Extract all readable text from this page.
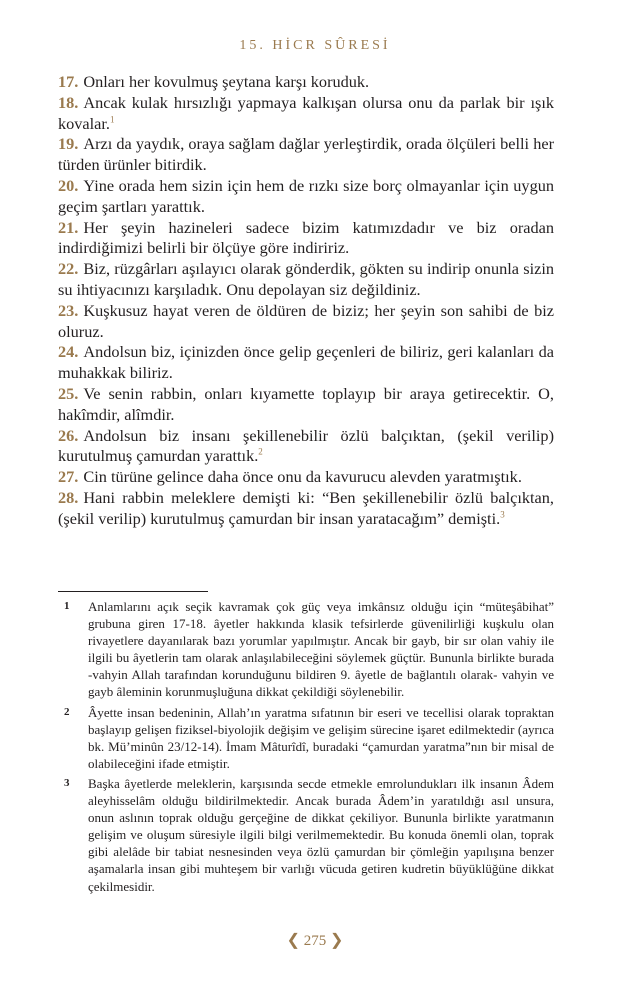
15. HİCR SÛRESİ
17. Onları her kovulmuş şeytana karşı koruduk.
18. Ancak kulak hırsızlığı yapmaya kalkışan olursa onu da parlak bir ışık kovalar.$^1$
19. Arzı da yaydık, oraya sağlam dağlar yerleştirdik, orada ölçüleri belli her türden ürünler bitirdik.
20. Yine orada hem sizin için hem de rızkı size borç olmayanlar için uygun geçim şartları yarattık.
21. Her şeyin hazineleri sadece bizim katımızdadır ve biz oradan indirdiğimizi belirli bir ölçüye göre indiririz.
22. Biz, rüzgârları aşılayıcı olarak gönderdik, gökten su indirip onunla sizin su ihtiyacınızı karşıladık. Onu depolayan siz değildiniz.
23. Kuşkusuz hayat veren de öldüren de biziz; her şeyin son sahibi de biz oluruz.
24. Andolsun biz, içinizden önce gelip geçenleri de biliriz, geri kalanları da muhakkak biliriz.
25. Ve senin rabbin, onları kıyamette toplayıp bir araya getirecektir. O, hakîmdir, alîmdir.
26. Andolsun biz insanı şekillenebilir özlü balçıktan, (şekil verilip) kurutulmuş çamurdan yarattık.$^2$
27. Cin türüne gelince daha önce onu da kavurucu alevden yaratmıştık.
28. Hani rabbin meleklere demişti ki: “Ben şekillenebilir özlü balçıktan, (şekil verilip) kurutulmuş çamurdan bir insan yaratacağım” demişti.$^3$
1	Anlamlarını açık seçik kavramak çok güç veya imkânsız olduğu için “müteşâbihat” grubuna giren 17-18. âyetler hakkında klasik tefsirlerde güvenilirliği kuşkulu olan rivayetlere dayanılarak bazı yorumlar yapılmıştır. Ancak bir gayb, bir sır olan vahiy ile ilgili bu âyetlerin tam olarak anlaşılabileceğini söylemek güçtür. Bununla birlikte burada -vahyin Allah tarafından korunduğunu bildiren 9. âyetle de bağlantılı olarak- vahyin ve gayb âleminin korunmuşluğuna dikkat çekildiği söylenebilir.
2	Âyette insan bedeninin, Allah’ın yaratma sıfatının bir eseri ve tecellisi olarak topraktan başlayıp gelişen fiziksel-biyolojik değişim ve gelişim sürecine işaret edilmektedir (ayrıca bk. Mü’minûn 23/12-14). İmam Mâturîdî, buradaki “çamurdan yaratma”nın bir misal de olabileceğini ifade etmiştir.
3	Başka âyetlerde meleklerin, karşısında secde etmekle emrolundukları ilk insanın Âdem aleyhisselâm olduğu bildirilmektedir. Ancak burada Âdem’in yaratıldığı asıl unsura, onun aslının toprak olduğu gerçeğine de dikkat çekiliyor. Bununla birlikte yaratmanın gelişim ve oluşum süresiyle ilgili bilgi verilmemektedir. Bu konuda önemli olan, toprak gibi alelâde bir tabiat nesnesinden veya özlü çamurdan bir çömleğin yapılışına benzer aşamalarla insan gibi muhteşem bir varlığı vücuda getiren kudretin büyüklüğüne dikkat çekilmesidir.
❮ 275 ❯
